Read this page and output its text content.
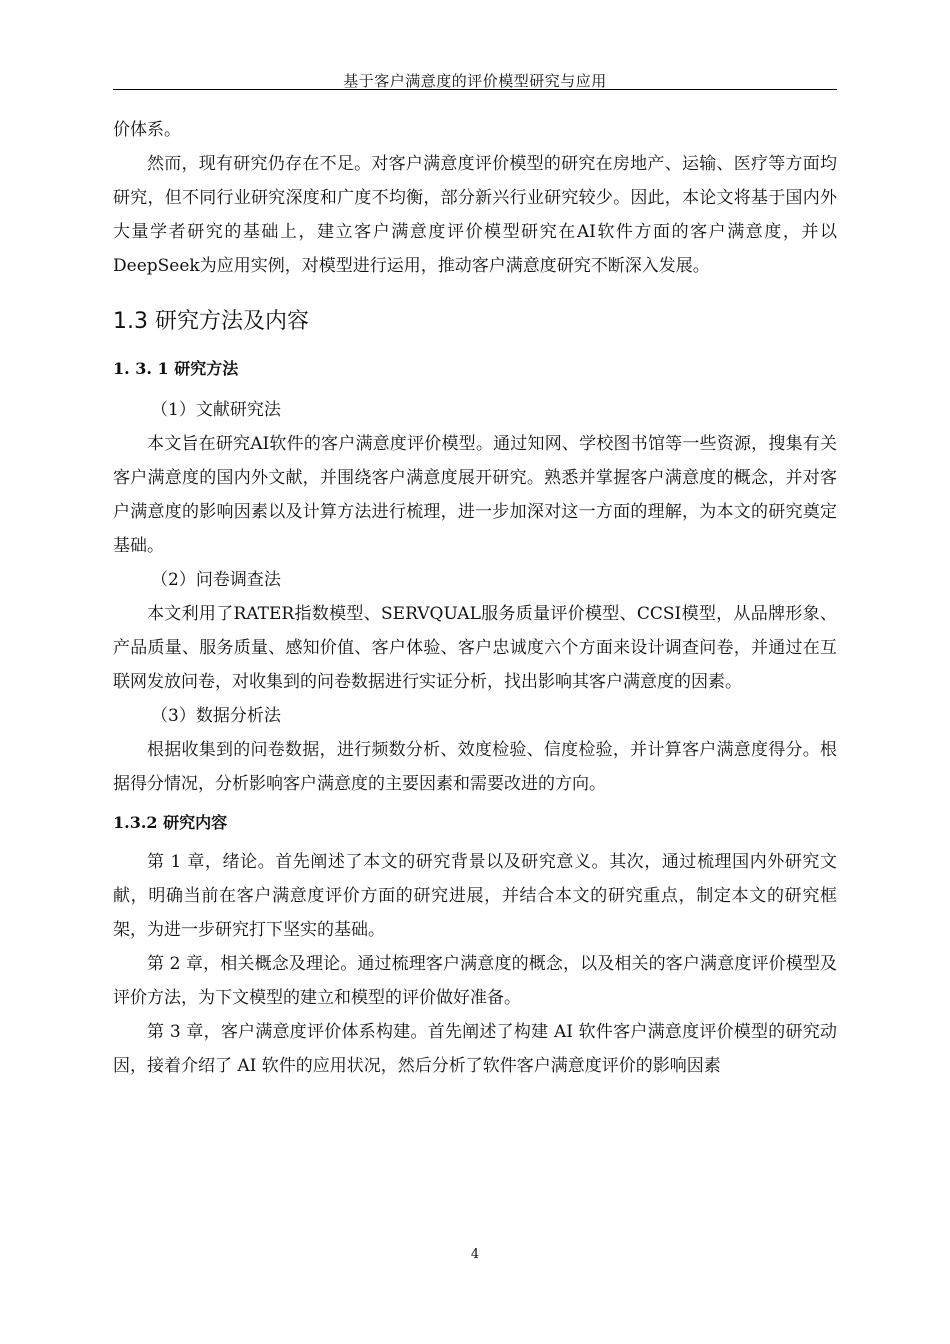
基于客户满意度的评价模型研究与应用

价体系。

然而，现有研究仍存在不足。对客户满意度评价模型的研究在房地产、运输、医疗等方面均研究，但不同行业研究深度和广度不均衡，部分新兴行业研究较少。因此，本论文将基于国内外大量学者研究的基础上，建立客户满意度评价模型研究在AI软件方面的客户满意度，并以DeepSeek为应用实例，对模型进行运用，推动客户满意度研究不断深入发展。

1.3 研究方法及内容
1. 3. 1 研究方法

（1）文献研究法

本文旨在研究AI软件的客户满意度评价模型。通过知网、学校图书馆等一些资源，搜集有关客户满意度的国内外文献，并围绕客户满意度展开研究。熟悉并掌握客户满意度的概念，并对客户满意度的影响因素以及计算方法进行梳理，进一步加深对这一方面的理解，为本文的研究奠定基础。

（2）问卷调查法

本文利用了RATER指数模型、SERVQUAL服务质量评价模型、CCSI模型，从品牌形象、产品质量、服务质量、感知价值、客户体验、客户忠诚度六个方面来设计调查问卷，并通过在互联网发放问卷，对收集到的问卷数据进行实证分析，找出影响其客户满意度的因素。

（3）数据分析法

根据收集到的问卷数据，进行频数分析、效度检验、信度检验，并计算客户满意度得分。根据得分情况，分析影响客户满意度的主要因素和需要改进的方向。

1.3.2 研究内容

第 1 章，绪论。首先阐述了本文的研究背景以及研究意义。其次，通过梳理国内外研究文献，明确当前在客户满意度评价方面的研究进展，并结合本文的研究重点，制定本文的研究框架，为进一步研究打下坚实的基础。

第 2 章，相关概念及理论。通过梳理客户满意度的概念，以及相关的客户满意度评价模型及评价方法，为下文模型的建立和模型的评价做好准备。

第 3 章，客户满意度评价体系构建。首先阐述了构建 AI 软件客户满意度评价模型的研究动因，接着介绍了 AI 软件的应用状况，然后分析了软件客户满意度评价的影响因素

4
